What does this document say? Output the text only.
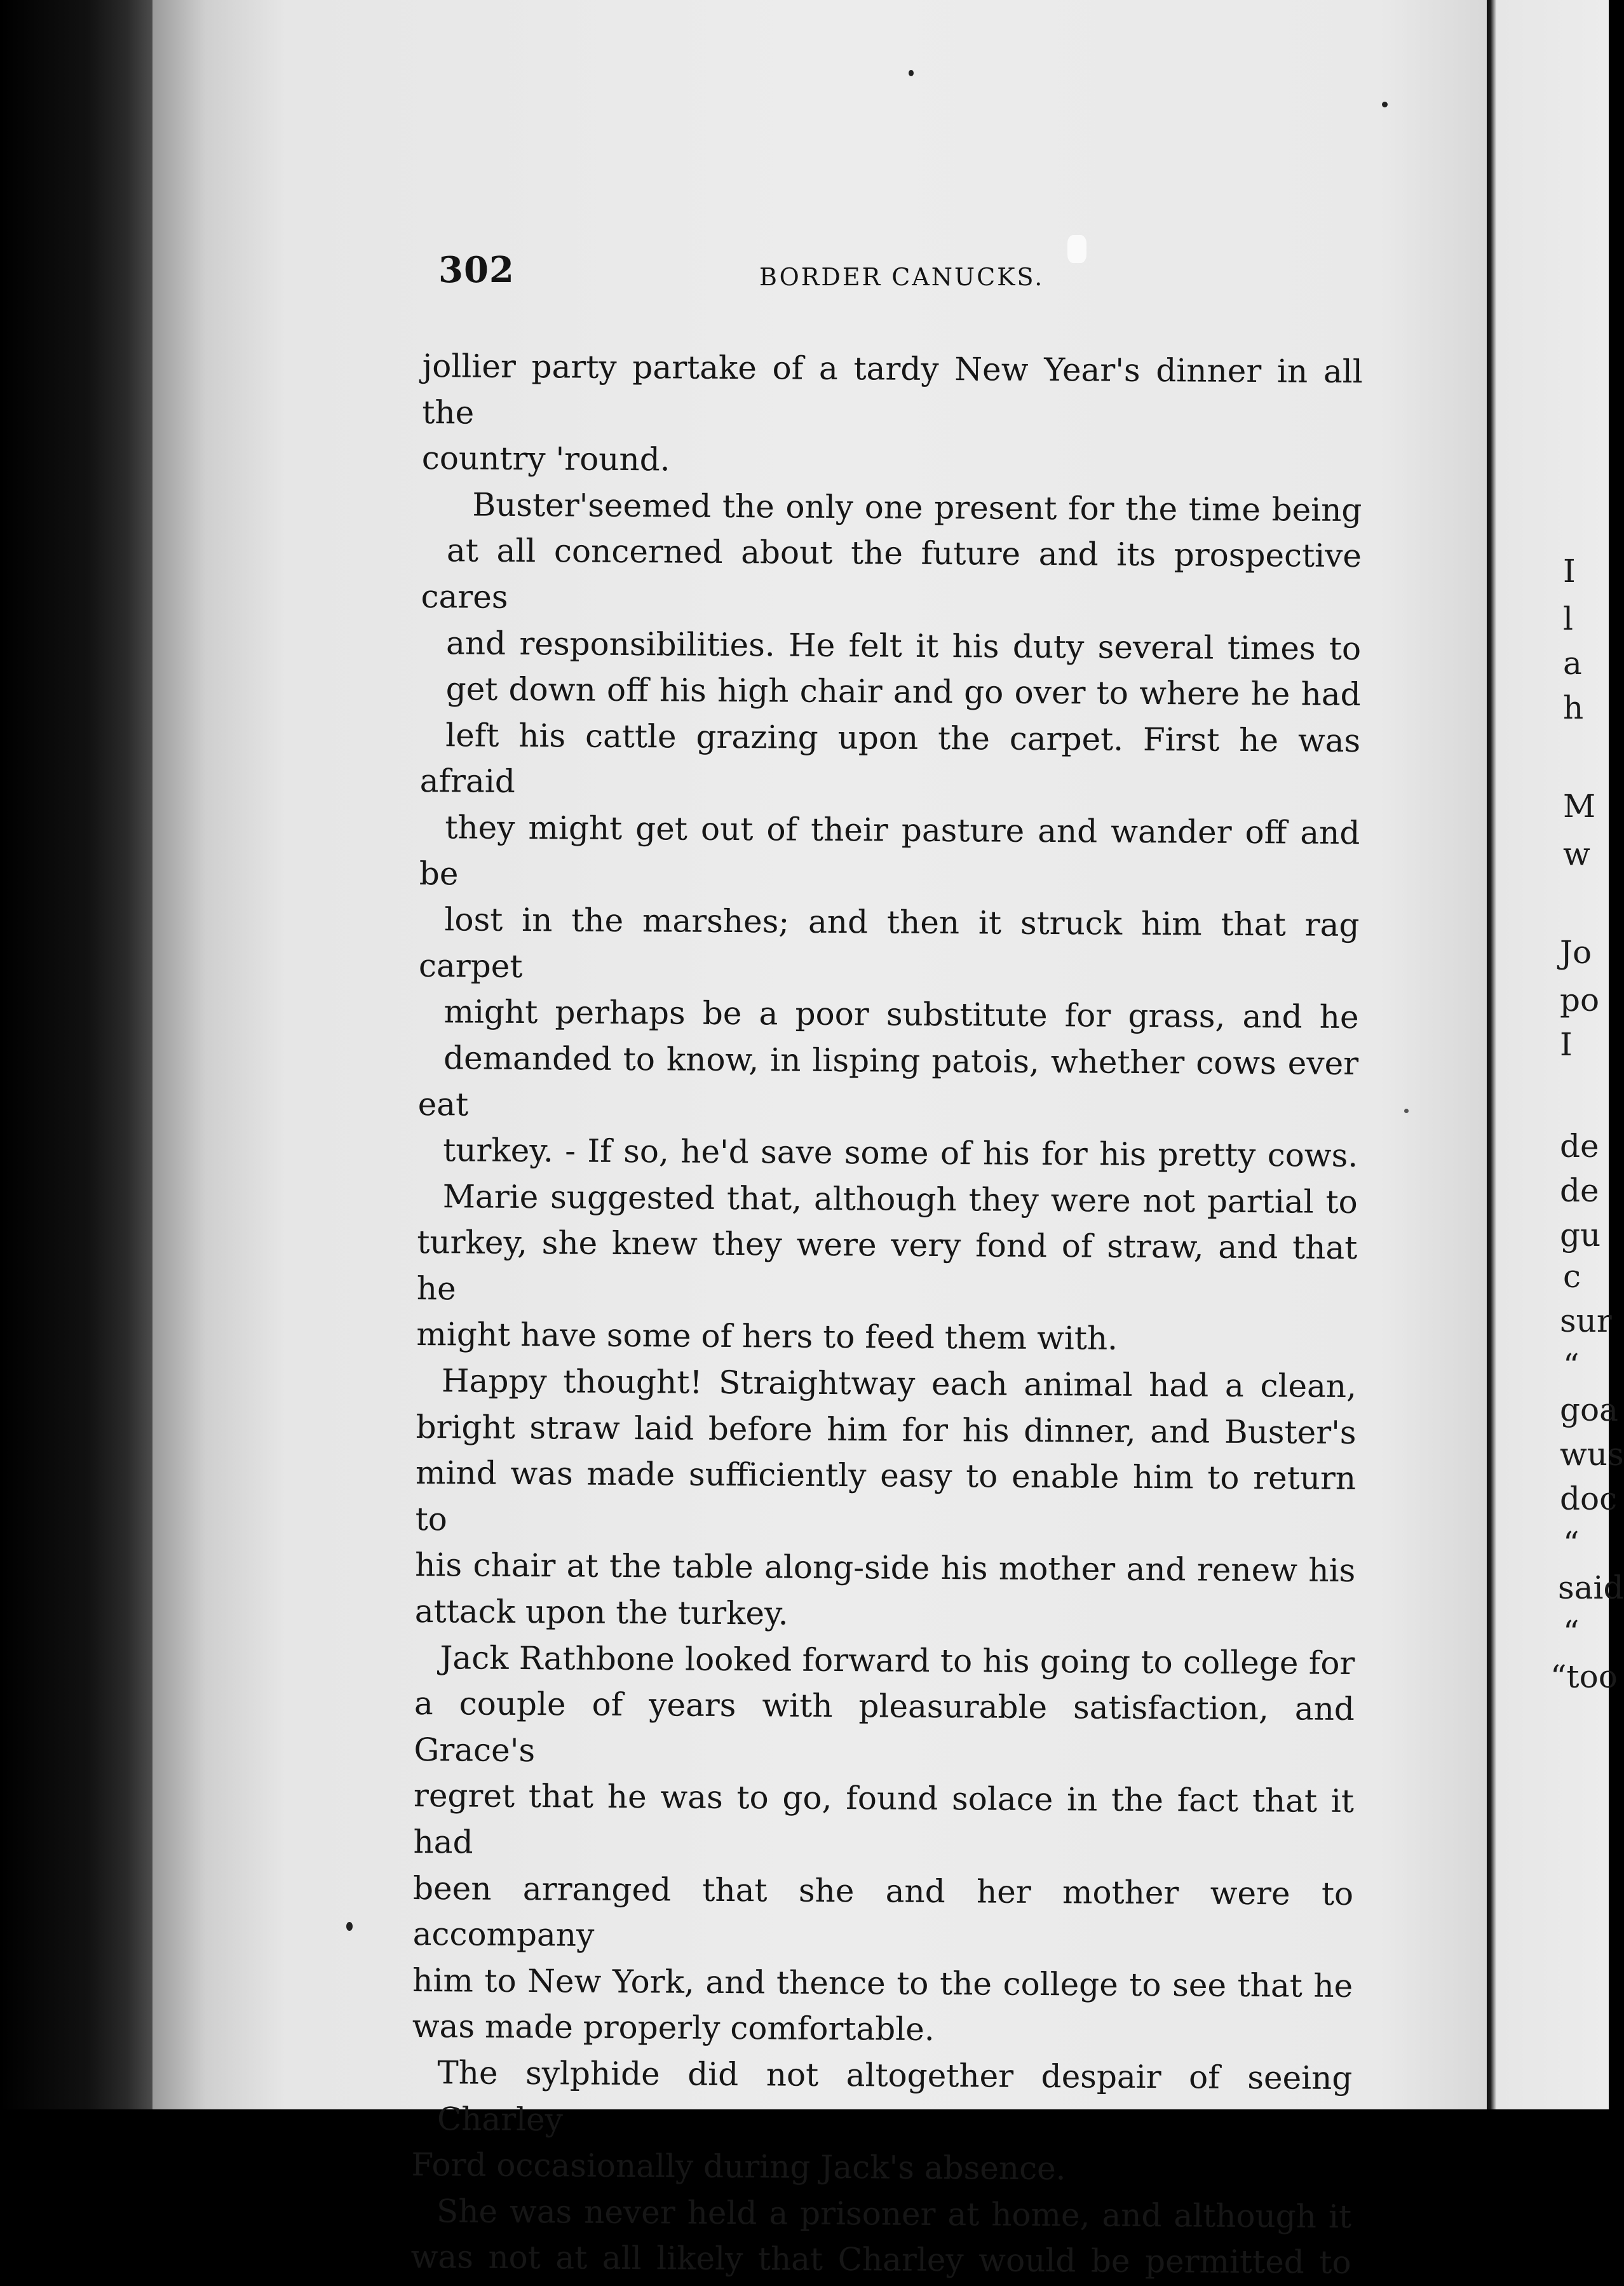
302	BORDER CANUCKS.

jollier party partake of a tardy New Year's dinner in all the
country 'round.

Buster'seemed the only one present for the time being
at all concerned about the future and its prospective cares
and responsibilities. He felt it his duty several times to
get down off his high chair and go over to where he had
left his cattle grazing upon the carpet. First he was afraid
they might get out of their pasture and wander off and be
lost in the marshes; and then it struck him that rag carpet
might perhaps be a poor substitute for grass, and he
demanded to know, in lisping patois, whether cows ever eat
turkey. - If so, he'd save some of his for his pretty cows.

Marie suggested that, although they were not partial to
turkey, she knew they were very fond of straw, and that he
might have some of hers to feed them with.

Happy thought! Straightway each animal had a clean,
bright straw laid before him for his dinner, and Buster's
mind was made sufficiently easy to enable him to return to
his chair at the table along-side his mother and renew his
attack upon the turkey.

Jack Rathbone looked forward to his going to college for
a couple of years with pleasurable satisfaction, and Grace's
regret that he was to go, found solace in the fact that it had
been arranged that she and her mother were to accompany
him to New York, and thence to the college to see that he
was made properly comfortable.

The sylphide did not altogether despair of seeing Charley
Ford occasionally during Jack's absence.

She was never held a prisoner at home, and although it
was not at all likely that Charley would be permitted to

I
l
a
h
M
w
Jo
po
I
de
de
gu
c
sur
“
goa
wus
doc
“
said
“
“too
